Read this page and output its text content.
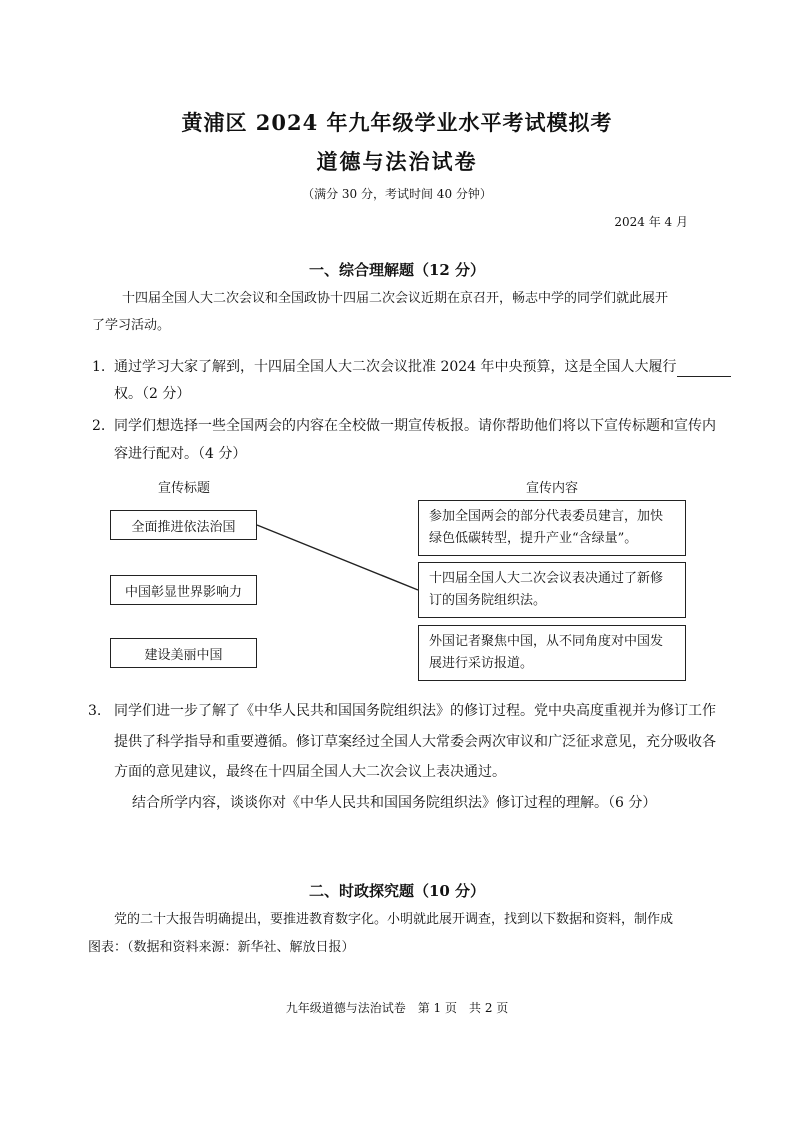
黄浦区 2024 年九年级学业水平考试模拟考
道德与法治试卷
（满分 30 分，考试时间 40 分钟）
2024 年 4 月
一、综合理解题（12 分）
十四届全国人大二次会议和全国政协十四届二次会议近期在京召开，畅志中学的同学们就此展开
了学习活动。
1. 通过学习大家了解到，十四届全国人大二次会议批准 2024 年中央预算，这是全国人大履行
权。（2 分）
2. 同学们想选择一些全国两会的内容在全校做一期宣传板报。请你帮助他们将以下宣传标题和宣传内
容进行配对。（4 分）
宣传标题	宣传内容
全面推进依法治国
中国彰显世界影响力
建设美丽中国
参加全国两会的部分代表委员建言，加快
绿色低碳转型，提升产业“含绿量”。
十四届全国人大二次会议表决通过了新修
订的国务院组织法。
外国记者聚焦中国，从不同角度对中国发
展进行采访报道。
3. 同学们进一步了解了《中华人民共和国国务院组织法》的修订过程。党中央高度重视并为修订工作
提供了科学指导和重要遵循。修订草案经过全国人大常委会两次审议和广泛征求意见，充分吸收各
方面的意见建议，最终在十四届全国人大二次会议上表决通过。
结合所学内容，谈谈你对《中华人民共和国国务院组织法》修订过程的理解。（6 分）
二、时政探究题（10 分）
党的二十大报告明确提出，要推进教育数字化。小明就此展开调查，找到以下数据和资料，制作成
图表：（数据和资料来源：新华社、解放日报）
九年级道德与法治试卷　第 1 页　共 2 页
